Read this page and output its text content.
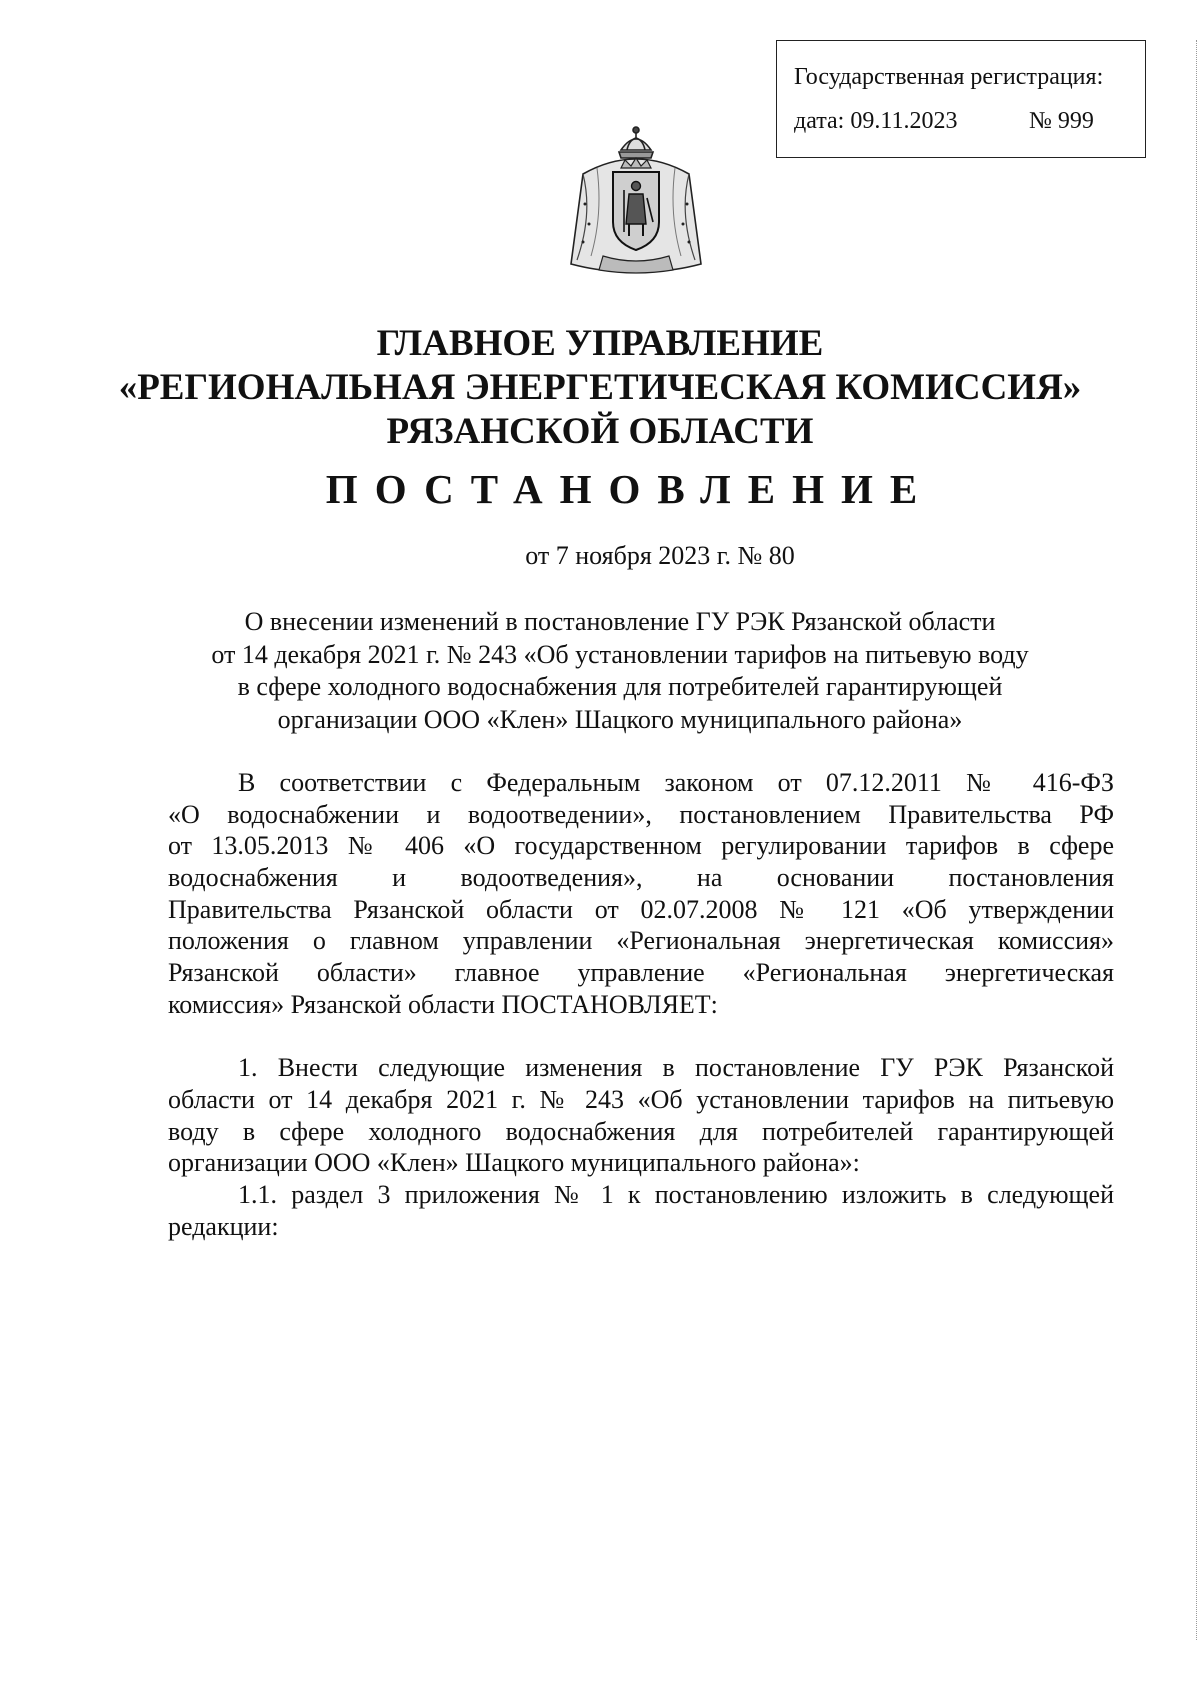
Государственная регистрация:
дата: 09.11.2023	№ 999
ГЛАВНОЕ УПРАВЛЕНИЕ
«РЕГИОНАЛЬНАЯ ЭНЕРГЕТИЧЕСКАЯ КОМИССИЯ»
РЯЗАНСКОЙ ОБЛАСТИ
ПОСТАНОВЛЕНИЕ
от 7 ноября 2023 г. № 80
О внесении изменений в постановление ГУ РЭК Рязанской области
от 14 декабря 2021 г. № 243 «Об установлении тарифов на питьевую воду
в сфере холодного водоснабжения для потребителей гарантирующей
организации ООО «Клен» Шацкого муниципального района»
В соответствии с Федеральным законом от 07.12.2011 № 416-ФЗ
«О водоснабжении и водоотведении», постановлением Правительства РФ
от 13.05.2013 № 406 «О государственном регулировании тарифов в сфере
водоснабжения и водоотведения», на основании постановления
Правительства Рязанской области от 02.07.2008 № 121 «Об утверждении
положения о главном управлении «Региональная энергетическая комиссия»
Рязанской области» главное управление «Региональная энергетическая
комиссия» Рязанской области ПОСТАНОВЛЯЕТ:
1. Внести следующие изменения в постановление ГУ РЭК Рязанской
области от 14 декабря 2021 г. № 243 «Об установлении тарифов на питьевую
воду в сфере холодного водоснабжения для потребителей гарантирующей
организации ООО «Клен» Шацкого муниципального района»:
1.1. раздел 3 приложения № 1 к постановлению изложить в следующей
редакции:
